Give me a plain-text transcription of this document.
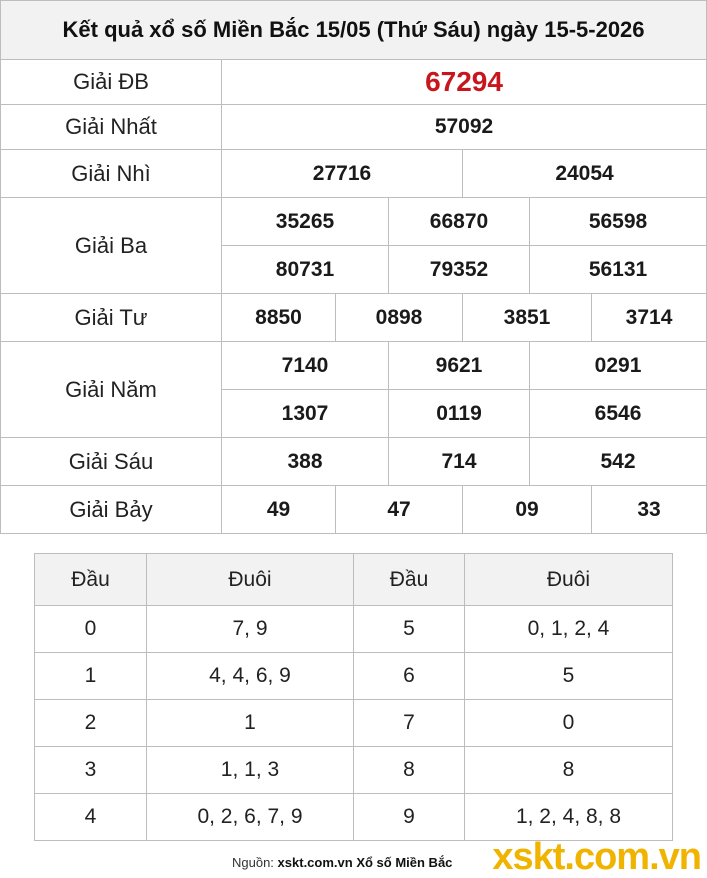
Kết quả xổ số Miền Bắc 15/05 (Thứ Sáu) ngày 15-5-2026						
Giải ĐB	67294					
Giải Nhất	57092					
Giải Nhì	27716			24054		
Giải Ba	35265		66870		56598	
	80731		79352		56131	
Giải Tư	8850	0898		3851		3714
Giải Năm	7140		9621		0291	
	1307		0119		6546	
Giải Sáu	388		714		542	
Giải Bảy	49	47		09		33
Đầu	Đuôi	Đầu	Đuôi
0	7, 9	5	0, 1, 2, 4
1	4, 4, 6, 9	6	5
2	1	7	0
3	1, 1, 3	8	8
4	0, 2, 6, 7, 9	9	1, 2, 4, 8, 8
Nguồn: xskt.com.vn Xổ số Miền Bắc xskt.com.vn
